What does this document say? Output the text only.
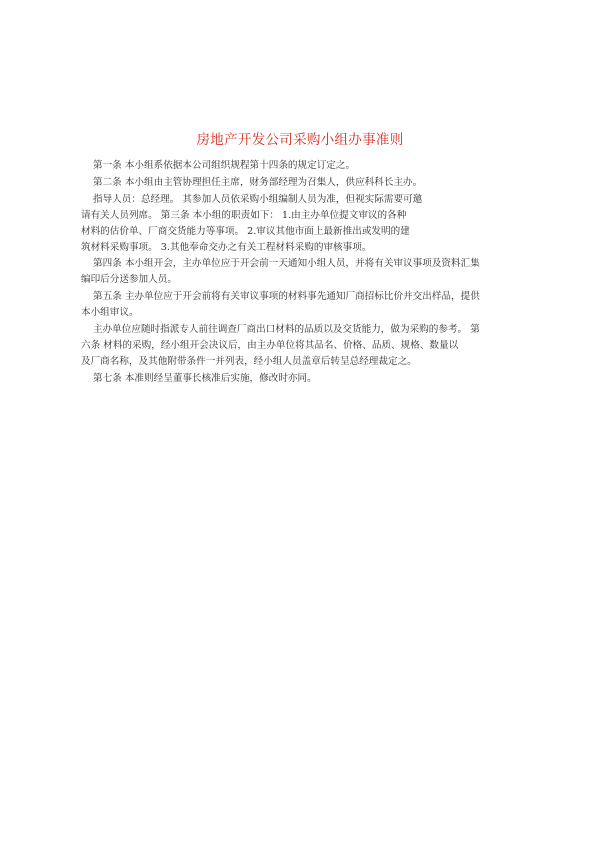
房地产开发公司采购小组办事准则
第一条 本小组系依据本公司组织规程第十四条的规定订定之。
第二条 本小组由主管协理担任主席，财务部经理为召集人，供应科科长主办。
指导人员：总经理。 其参加人员依采购小组编制人员为准，但视实际需要可邀
请有关人员列席。 第三条 本小组的职责如下： 1.由主办单位提文审议的各种
材料的估价单、厂商交货能力等事项。 2.审议其他市面上最新推出或发明的建
筑材料采购事项。 3.其他奉命交办之有关工程材料采购的审核事项。
第四条 本小组开会，主办单位应于开会前一天通知小组人员，并将有关审议事项及资料汇集
编印后分送参加人员。
第五条 主办单位应于开会前将有关审议事项的材料事先通知厂商招标比价并交出样品，提供
本小组审议。
主办单位应随时指派专人前往调查厂商出口材料的品质以及交货能力，做为采购的参考。 第
六条 材料的采购，经小组开会决议后，由主办单位将其品名、价格、品质、规格、数量以
及厂商名称，及其他附带条件一并列表，经小组人员盖章后转呈总经理裁定之。
第七条 本准则经呈董事长核准后实施，修改时亦同。
